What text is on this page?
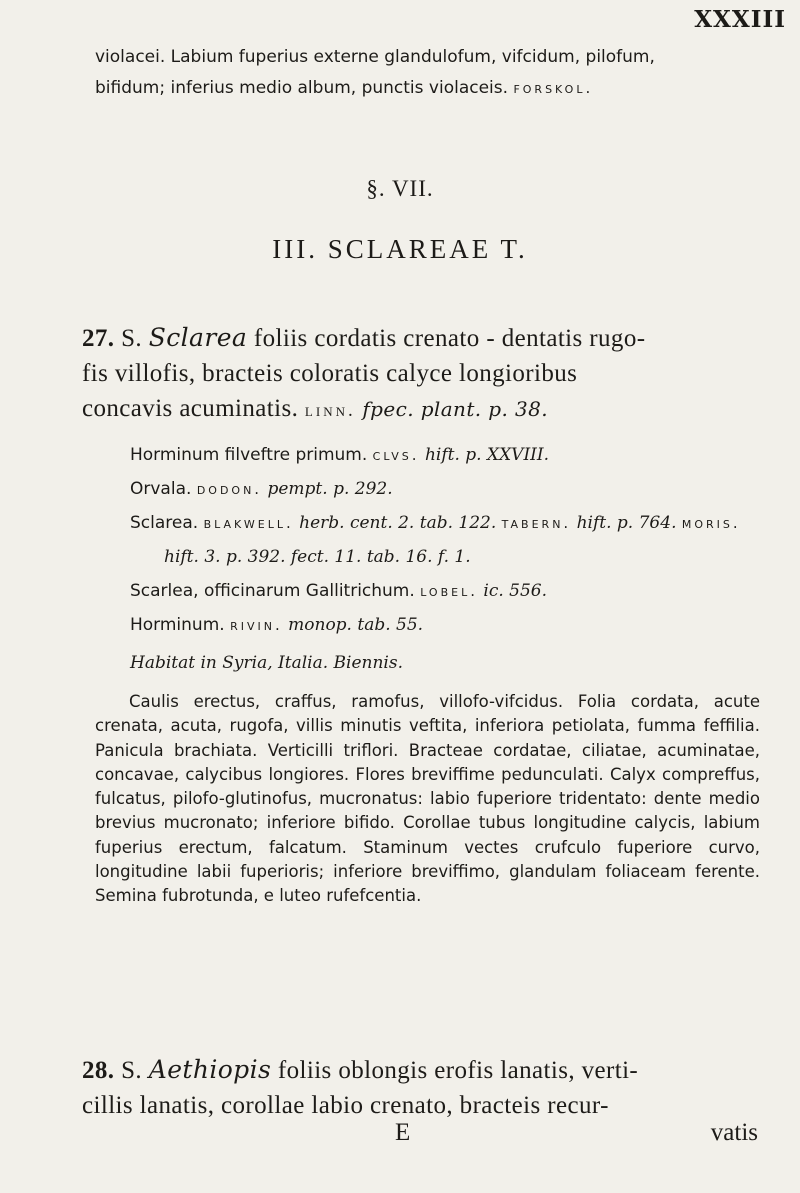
XXXIII

violacei. Labium fuperius externe glandulofum, vifcidum, pilofum,

bifidum; inferius medio album, punctis violaceis. forskol.

§. VII.
III. SCLAREAE T.

27. S. Sclarea foliis cordatis crenato - dentatis rugo-

fis villofis, bracteis coloratis calyce longioribus

concavis acuminatis. linn. fpec. plant. p. 38.

Horminum filveftre primum. clvs. hift. p. XXVIII.

Orvala. dodon. pempt. p. 292.

Sclarea. blakwell. herb. cent. 2. tab. 122. tabern. hift. p. 764. moris. hift. 3. p. 392. fect. 11. tab. 16. f. 1.

Scarlea, officinarum Gallitrichum. lobel. ic. 556.

Horminum. rivin. monop. tab. 55.

Habitat in Syria, Italia. Biennis.

Caulis erectus, craffus, ramofus, villofo-vifcidus. Folia cordata, acute crenata, acuta, rugofa, villis minutis veftita, inferiora petiolata, fumma feffilia. Panicula brachiata. Verticilli triflori. Bracteae cordatae, ciliatae, acuminatae, concavae, calycibus longiores. Flores breviffime pedunculati. Calyx compreffus, fulcatus, pilofo-glutinofus, mucronatus: labio fuperiore tridentato: dente medio brevius mucronato; inferiore bifido. Corollae tubus longitudine calycis, labium fuperius erectum, falcatum. Staminum vectes crufculo fuperiore curvo, longitudine labii fuperioris; inferiore breviffimo, glandulam foliaceam ferente. Semina fubrotunda, e luteo rufefcentia.

28. S. Aethiopis foliis oblongis erofis lanatis, verti-

cillis lanatis, corollae labio crenato, bracteis recur-

E	vatis
